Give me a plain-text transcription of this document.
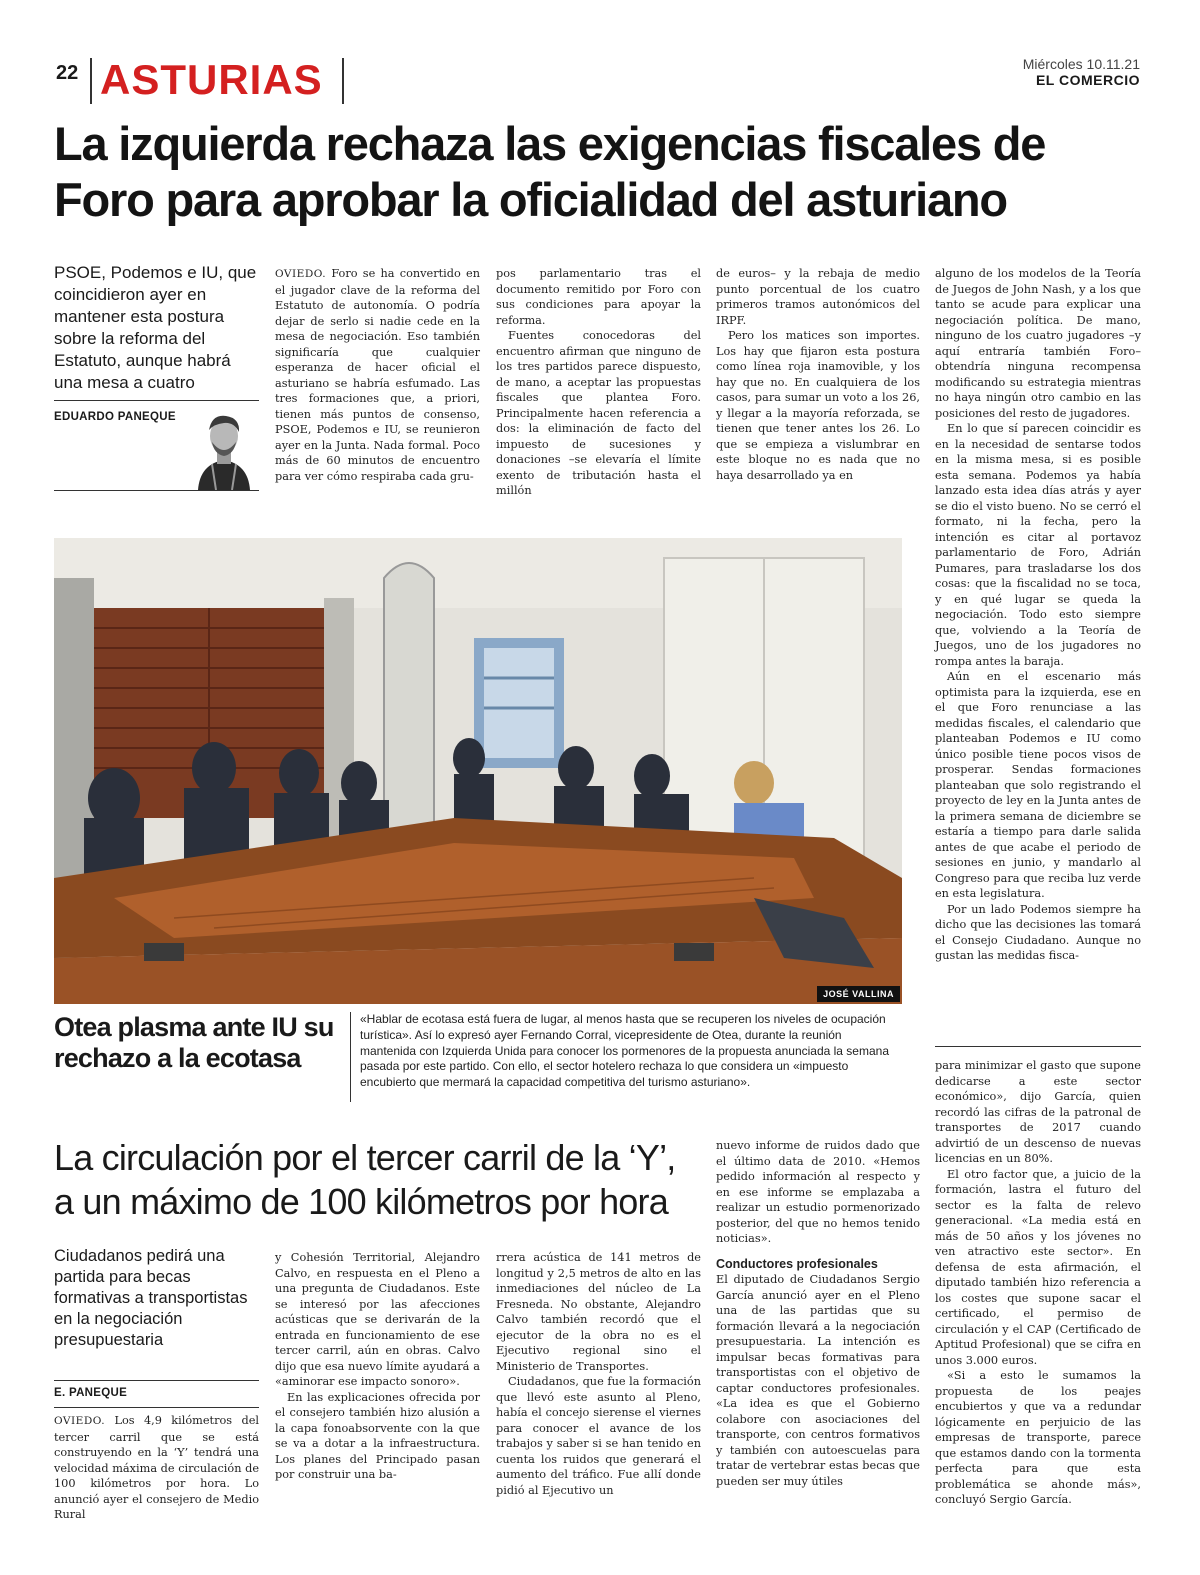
22 ASTURIAS	Miércoles 10.11.21
EL COMERCIO
La izquierda rechaza las exigencias fiscales de
Foro para aprobar la oficialidad del asturiano
PSOE, Podemos e IU, que coincidieron ayer en mantener esta postura sobre la reforma del Estatuto, aunque habrá una mesa a cuatro
EDUARDO PANEQUE

OVIEDO. Foro se ha convertido en el jugador clave de la reforma del Estatuto de autonomía. O podría dejar de serlo si nadie cede en la mesa de negociación. Eso también significaría que cualquier esperanza de hacer oficial el asturiano se habría esfumado. Las tres formaciones que, a priori, tienen más puntos de consenso, PSOE, Podemos e IU, se reunieron ayer en la Junta. Nada formal. Poco más de 60 minutos de encuentro para ver cómo respiraba cada gru-

pos parlamentario tras el documento remitido por Foro con sus condiciones para apoyar la reforma.

Fuentes conocedoras del encuentro afirman que ninguno de los tres partidos parece dispuesto, de mano, a aceptar las propuestas fiscales que plantea Foro. Principalmente hacen referencia a dos: la eliminación de facto del impuesto de sucesiones y donaciones –se elevaría el límite exento de tributación hasta el millón

de euros– y la rebaja de medio punto porcentual de los cuatro primeros tramos autonómicos del IRPF.

Pero los matices son importes. Los hay que fijaron esta postura como línea roja inamovible, y los hay que no. En cualquiera de los casos, para sumar un voto a los 26, y llegar a la mayoría reforzada, se tienen que tener antes los 26. Lo que se empieza a vislumbrar en este bloque no es nada que no haya desarrollado ya en

alguno de los modelos de la Teoría de Juegos de John Nash, y a los que tanto se acude para explicar una negociación política. De mano, ninguno de los cuatro jugadores –y aquí entraría también Foro– obtendría ninguna recompensa modificando su estrategia mientras no haya ningún otro cambio en las posiciones del resto de jugadores.

En lo que sí parecen coincidir es en la necesidad de sentarse todos en la misma mesa, si es posible esta semana. Podemos ya había lanzado esta idea días atrás y ayer se dio el visto bueno. No se cerró el formato, ni la fecha, pero la intención es citar al portavoz parlamentario de Foro, Adrián Pumares, para trasladarse los dos cosas: que la fiscalidad no se toca, y en qué lugar se queda la negociación. Todo esto siempre que, volviendo a la Teoría de Juegos, uno de los jugadores no rompa antes la baraja.

Aún en el escenario más optimista para la izquierda, ese en el que Foro renunciase a las medidas fiscales, el calendario que planteaban Podemos e IU como único posible tiene pocos visos de prosperar. Sendas formaciones planteaban que solo registrando el proyecto de ley en la Junta antes de la primera semana de diciembre se estaría a tiempo para darle salida antes de que acabe el periodo de sesiones en junio, y mandarlo al Congreso para que reciba luz verde en esta legislatura.

Por un lado Podemos siempre ha dicho que las decisiones las tomará el Consejo Ciudadano. Aunque no gustan las medidas fisca-

JOSÉ VALLINA
Otea plasma ante IU su rechazo a la ecotasa
«Hablar de ecotasa está fuera de lugar, al menos hasta que se recuperen los niveles de ocupación turística». Así lo expresó ayer Fernando Corral, vicepresidente de Otea, durante la reunión mantenida con Izquierda Unida para conocer los pormenores de la propuesta anunciada la semana pasada por este partido. Con ello, el sector hotelero rechaza lo que considera un «impuesto encubierto que mermará la capacidad competitiva del turismo asturiano».
La circulación por el tercer carril de la ‘Y’,
a un máximo de 100 kilómetros por hora
Ciudadanos pedirá una partida para becas formativas a transportistas en la negociación presupuestaria
E. PANEQUE

OVIEDO. Los 4,9 kilómetros del tercer carril que se está construyendo en la ‘Y’ tendrá una velocidad máxima de circulación de 100 kilómetros por hora. Lo anunció ayer el consejero de Medio Rural

y Cohesión Territorial, Alejandro Calvo, en respuesta en el Pleno a una pregunta de Ciudadanos. Este se interesó por las afecciones acústicas que se derivarán de la entrada en funcionamiento de ese tercer carril, aún en obras. Calvo dijo que esa nuevo límite ayudará a «aminorar ese impacto sonoro».

En las explicaciones ofrecida por el consejero también hizo alusión a la capa fonoabsorvente con la que se va a dotar a la infraestructura. Los planes del Principado pasan por construir una ba-

rrera acústica de 141 metros de longitud y 2,5 metros de alto en las inmediaciones del núcleo de La Fresneda. No obstante, Alejandro Calvo también recordó que el ejecutor de la obra no es el Ejecutivo regional sino el Ministerio de Transportes.

Ciudadanos, que fue la formación que llevó este asunto al Pleno, había el concejo sierense el viernes para conocer el avance de los trabajos y saber si se han tenido en cuenta los ruidos que generará el aumento del tráfico. Fue allí donde pidió al Ejecutivo un

nuevo informe de ruidos dado que el último data de 2010. «Hemos pedido información al respecto y en ese informe se emplazaba a realizar un estudio pormenorizado posterior, del que no hemos tenido noticias».

Conductores profesionales

El diputado de Ciudadanos Sergio García anunció ayer en el Pleno una de las partidas que su formación llevará a la negociación presupuestaria. La intención es impulsar becas formativas para transportistas con el objetivo de captar conductores profesionales. «La idea es que el Gobierno colabore con asociaciones del transporte, con centros formativos y también con autoescuelas para tratar de vertebrar estas becas que pueden ser muy útiles

para minimizar el gasto que supone dedicarse a este sector económico», dijo García, quien recordó las cifras de la patronal de transportes de 2017 cuando advirtió de un descenso de nuevas licencias en un 80%.

El otro factor que, a juicio de la formación, lastra el futuro del sector es la falta de relevo generacional. «La media está en más de 50 años y los jóvenes no ven atractivo este sector». En defensa de esta afirmación, el diputado también hizo referencia a los costes que supone sacar el certificado, el permiso de circulación y el CAP (Certificado de Aptitud Profesional) que se cifra en unos 3.000 euros.

«Si a esto le sumamos la propuesta de los peajes encubiertos y que va a redundar lógicamente en perjuicio de las empresas de transporte, parece que estamos dando con la tormenta perfecta para que esta problemática se ahonde más», concluyó Sergio García.
